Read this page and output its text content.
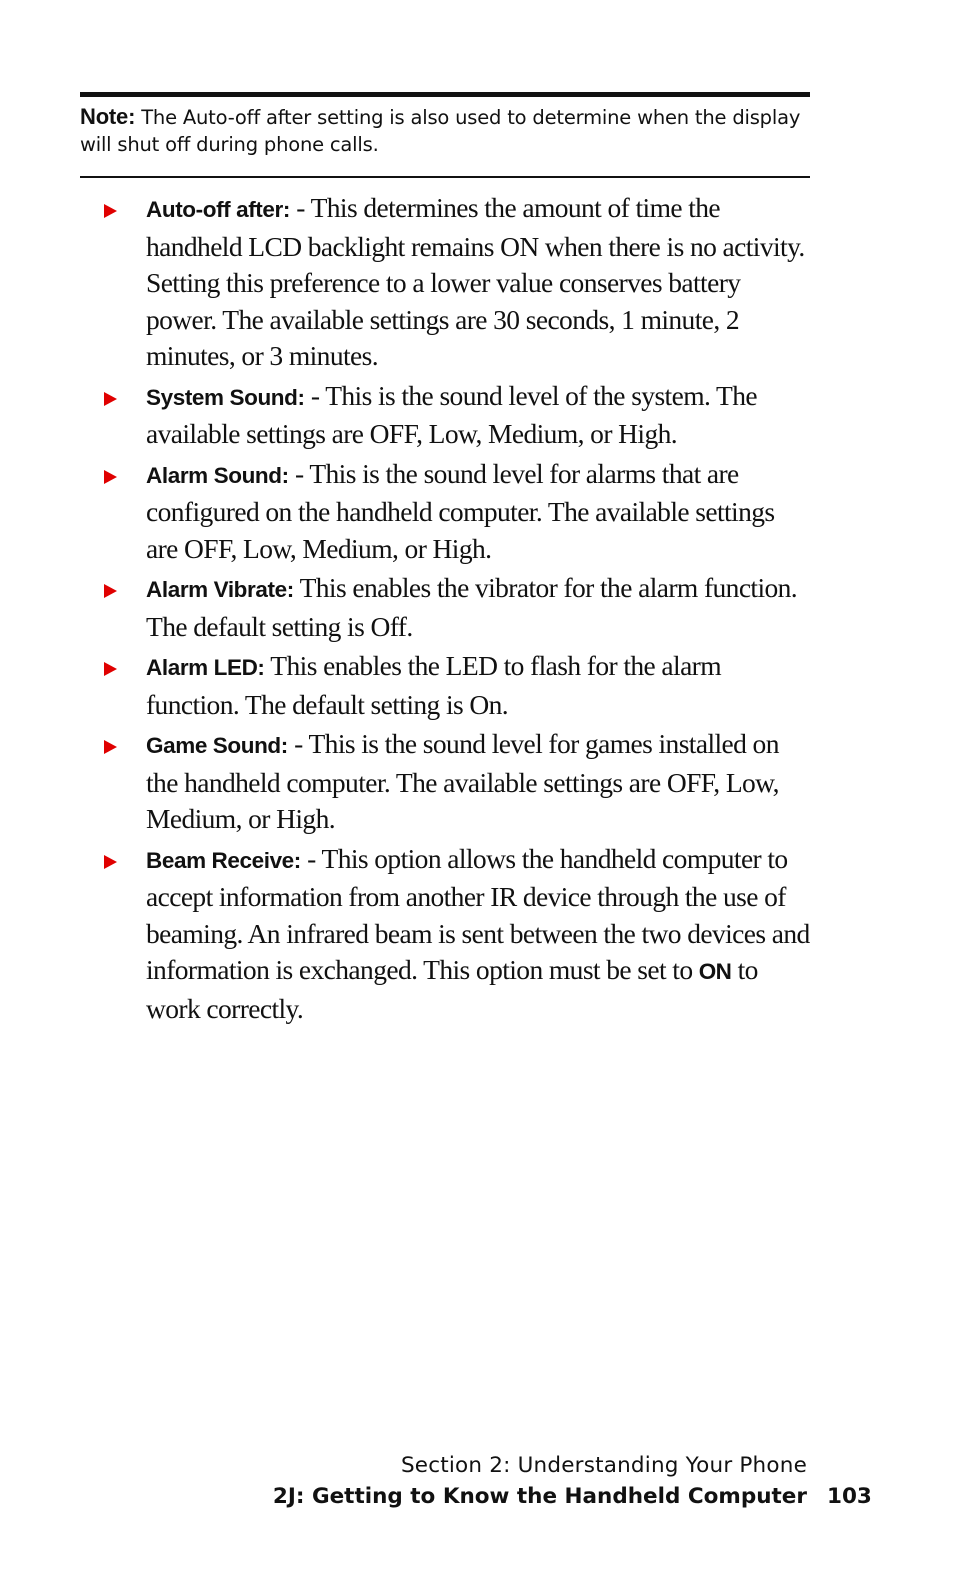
Note: The Auto-off after setting is also used to determine when the display will shut off during phone calls.
Auto-off after: - This determines the amount of time the handheld LCD backlight remains ON when there is no activity. Setting this preference to a lower value conserves battery power. The available settings are 30 seconds, 1 minute, 2 minutes, or 3 minutes.
System Sound: - This is the sound level of the system. The available settings are OFF, Low, Medium, or High.
Alarm Sound: - This is the sound level for alarms that are configured on the handheld computer. The available settings are OFF, Low, Medium, or High.
Alarm Vibrate: This enables the vibrator for the alarm function. The default setting is Off.
Alarm LED: This enables the LED to flash for the alarm function. The default setting is On.
Game Sound: - This is the sound level for games installed on the handheld computer. The available settings are OFF, Low, Medium, or High.
Beam Receive: - This option allows the handheld computer to accept information from another IR device through the use of beaming. An infrared beam is sent between the two devices and information is exchanged. This option must be set to ON to work correctly.
Section 2: Understanding Your Phone
2J: Getting to Know the Handheld Computer 103
